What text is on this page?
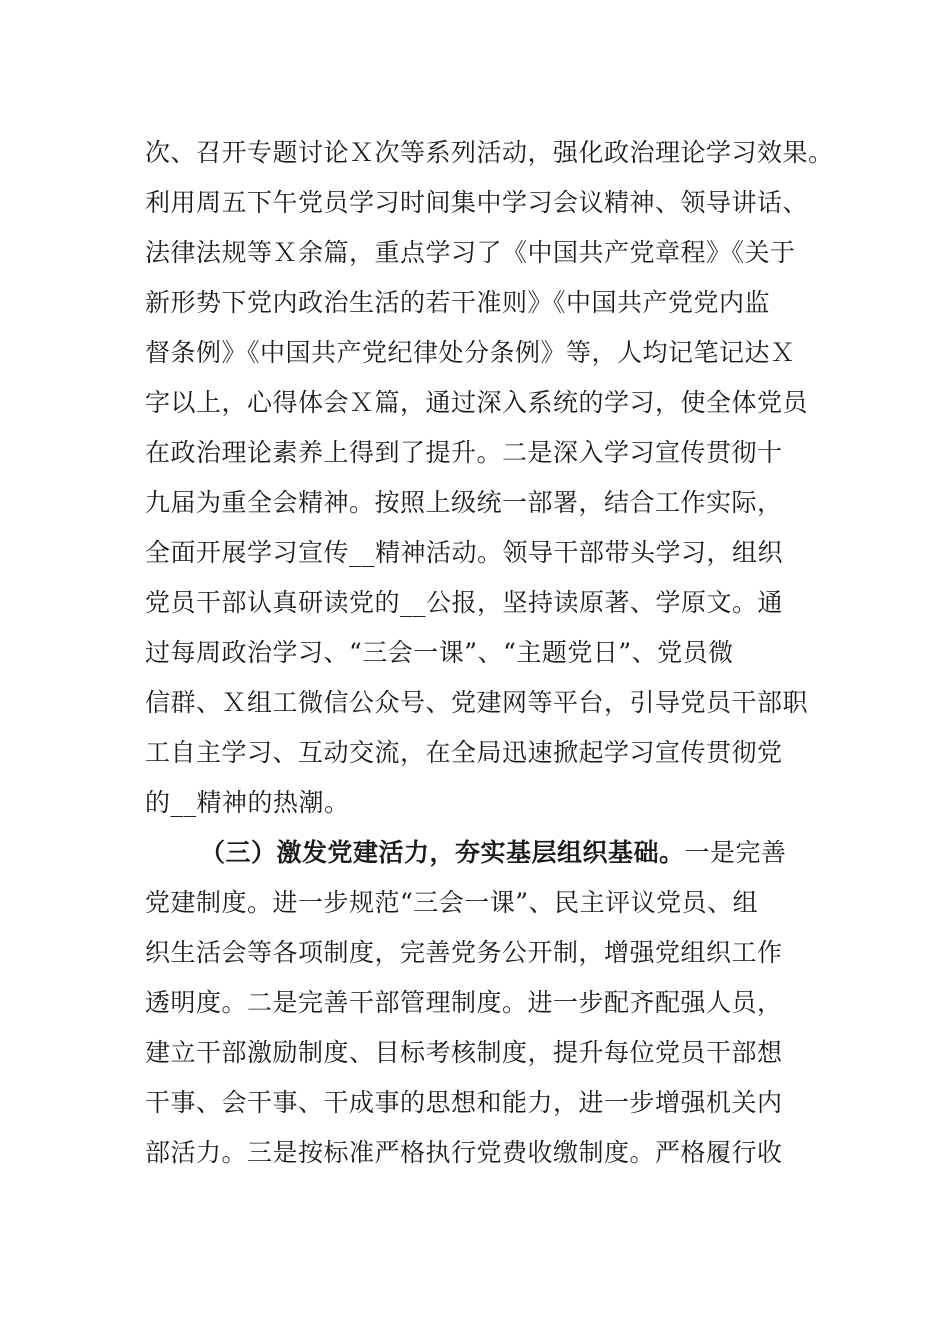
次、召开专题讨论Ｘ次等系列活动，强化政治理论学习效果。
利用周五下午党员学习时间集中学习会议精神、领导讲话、
法律法规等Ｘ余篇，重点学习了《中国共产党章程》《关于
新形势下党内政治生活的若干准则》《中国共产党党内监
督条例》《中国共产党纪律处分条例》等，人均记笔记达Ｘ
字以上，心得体会Ｘ篇，通过深入系统的学习，使全体党员
在政治理论素养上得到了提升。二是深入学习宣传贯彻十
九届为重全会精神。按照上级统一部署，结合工作实际，
全面开展学习宣传__精神活动。领导干部带头学习，组织
党员干部认真研读党的__公报，坚持读原著、学原文。通
过每周政治学习、“三会一课”、“主题党日”、党员微
信群、Ｘ组工微信公众号、党建网等平台，引导党员干部职
工自主学习、互动交流，在全局迅速掀起学习宣传贯彻党
的__精神的热潮。
（三）激发党建活力，夯实基层组织基础。一是完善
党建制度。进一步规范“三会一课”、民主评议党员、组
织生活会等各项制度，完善党务公开制，增强党组织工作
透明度。二是完善干部管理制度。进一步配齐配强人员，
建立干部激励制度、目标考核制度，提升每位党员干部想
干事、会干事、干成事的思想和能力，进一步增强机关内
部活力。三是按标准严格执行党费收缴制度。严格履行收
